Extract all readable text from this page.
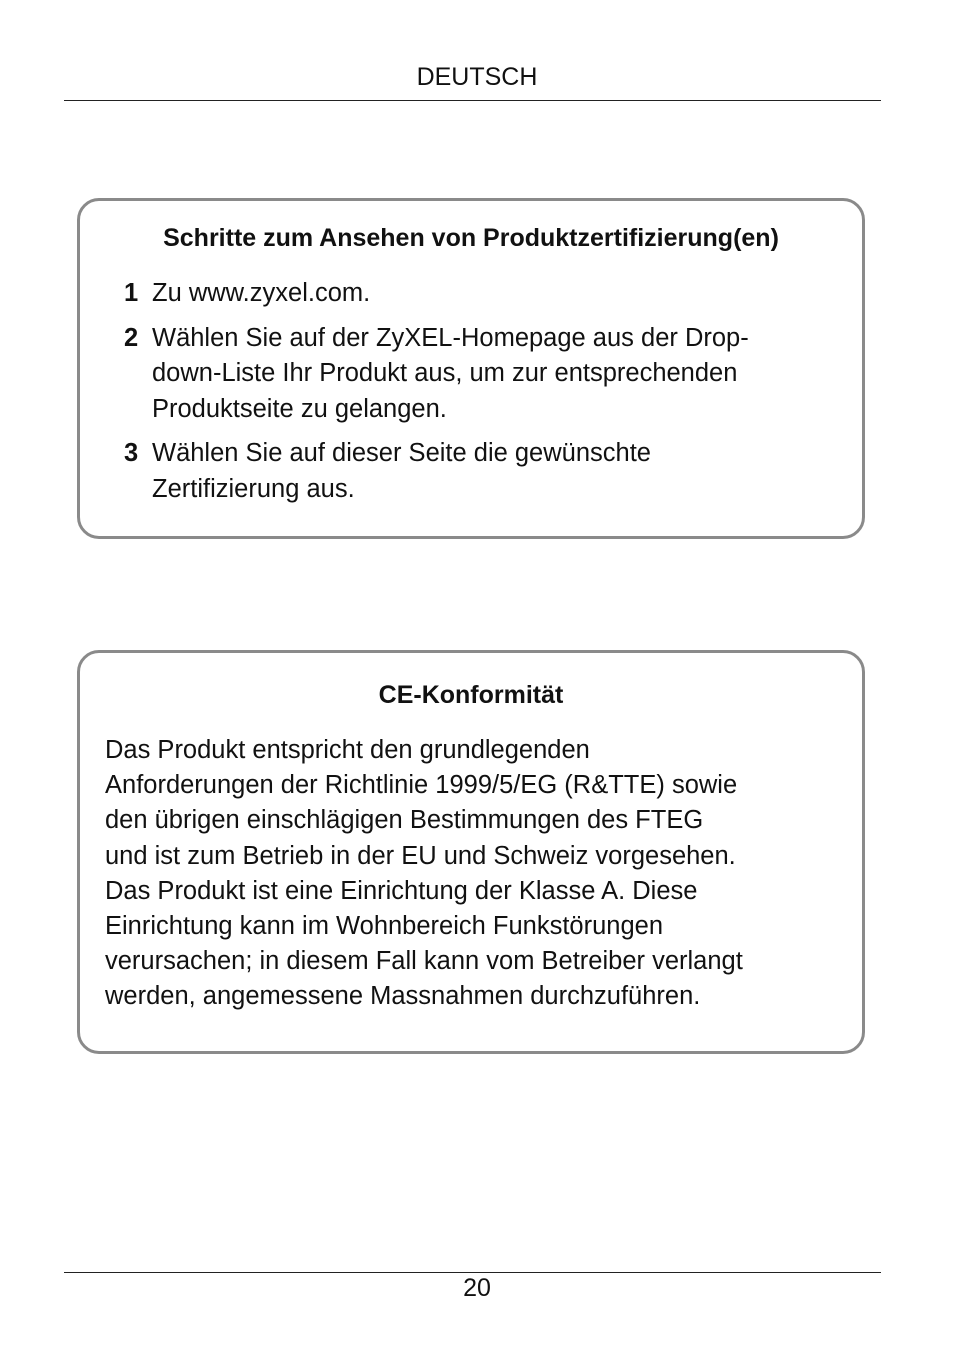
DEUTSCH
Schritte zum Ansehen von Produktzertifizierung(en)
1 Zu www.zyxel.com.
2 Wählen Sie auf der ZyXEL-Homepage aus der Drop-
down-Liste Ihr Produkt aus, um zur entsprechenden
Produktseite zu gelangen.
3 Wählen Sie auf dieser Seite die gewünschte
Zertifizierung aus.
CE-Konformität
Das Produkt entspricht den grundlegenden
Anforderungen der Richtlinie 1999/5/EG (R&TTE) sowie
den übrigen einschlägigen Bestimmungen des FTEG
und ist zum Betrieb in der EU und Schweiz vorgesehen.
Das Produkt ist eine Einrichtung der Klasse A. Diese
Einrichtung kann im Wohnbereich Funkstörungen
verursachen; in diesem Fall kann vom Betreiber verlangt
werden, angemessene Massnahmen durchzuführen.
20
